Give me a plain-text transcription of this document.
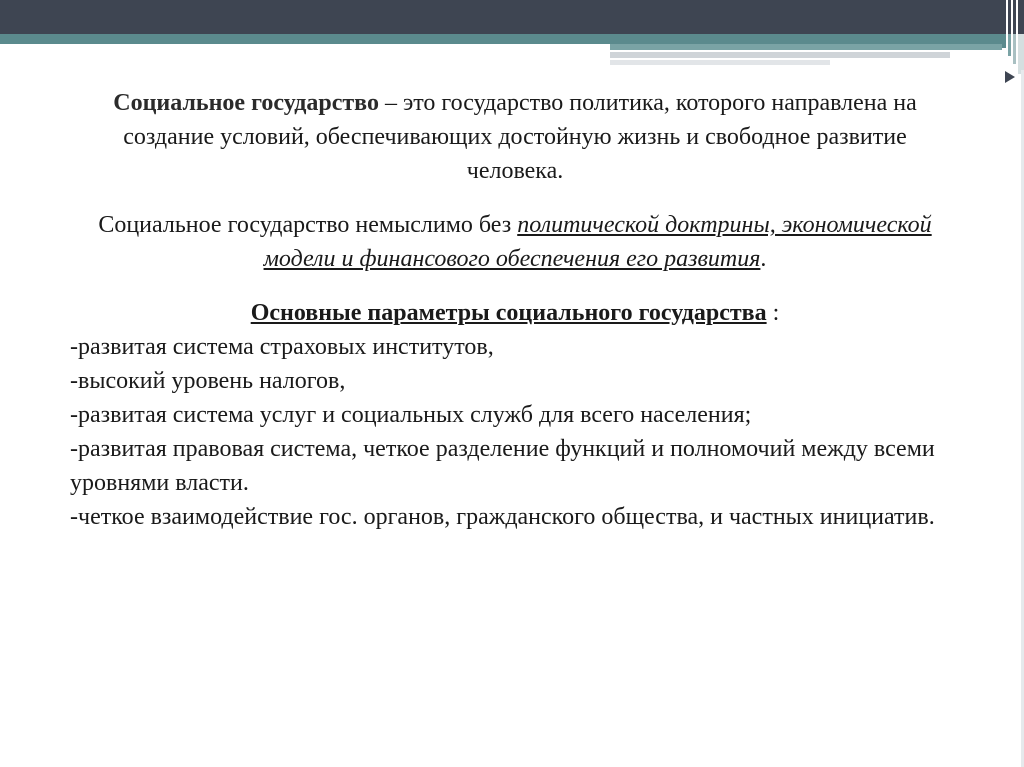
Социальное государство – это государство политика, которого направлена на создание условий, обеспечивающих достойную жизнь и свободное развитие человека.

Социальное государство немыслимо без политической доктрины, экономической модели и финансового обеспечения его развития.

Основные параметры социального государства :

-развитая система страховых институтов,

-высокий уровень налогов,

-развитая система услуг и социальных служб для всего населения;

-развитая правовая система, четкое разделение функций и полномочий между всеми уровнями власти.

-четкое взаимодействие гос. органов, гражданского общества, и частных инициатив.
